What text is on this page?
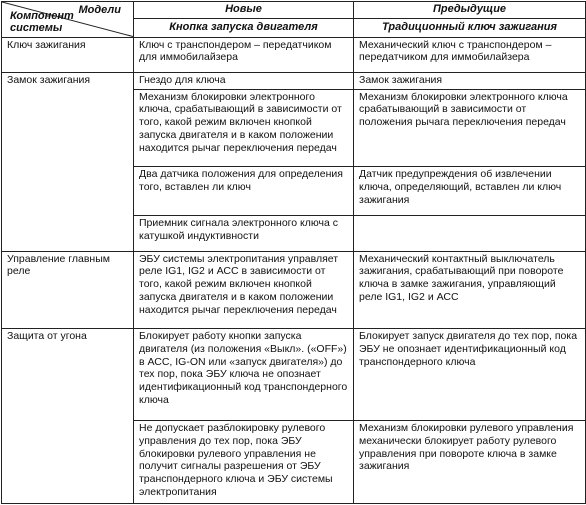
Модели
Компонент
системы	Новые	Предыдущие
	Кнопка запуска двигателя	Традиционный ключ зажигания
Ключ зажигания	Ключ с транспондером – передатчиком для иммобилайзера	Механический ключ с транспондером – передатчиком для иммобилайзера
Замок зажигания	Гнездо для ключа	Замок зажигания
	Механизм блокировки электронного ключа, срабатывающий в зависимости от того, какой режим включен кнопкой запуска двигателя и в каком положении находится рычаг переключения передач	Механизм блокировки электронного ключа срабатывающий в зависимости от положения рычага переключения передач
	Два датчика положения для определения того, вставлен ли ключ	Датчик предупреждения об извлечении ключа, определяющий, вставлен ли ключ зажигания
	Приемник сигнала электронного ключа с катушкой индуктивности	
Управление главным реле	ЭБУ системы электропитания управляет реле IG1, IG2 и АСС в зависимости от того, какой режим включен кнопкой запуска двигателя и в каком положении находится рычаг переключения передач	Механический контактный выключатель зажигания, срабатывающий при повороте ключа в замке зажигания, управляющий реле IG1, IG2 и АСС
Защита от угона	Блокирует работу кнопки запуска двигателя (из положения «Выкл». («OFF») в АСС, IG-ON или «запуск двигателя») до тех пор, пока ЭБУ ключа не опознает идентификационный код транспондерного ключа	Блокирует запуск двигателя до тех пор, пока ЭБУ не опознает идентификационный код транспондерного ключа
	Не допускает разблокировку рулевого управления до тех пор, пока ЭБУ блокировки рулевого управления не получит сигналы разрешения от ЭБУ транспондерного ключа и ЭБУ системы электропитания	Механизм блокировки рулевого управления механически блокирует работу рулевого управления при повороте ключа в замке зажигания
